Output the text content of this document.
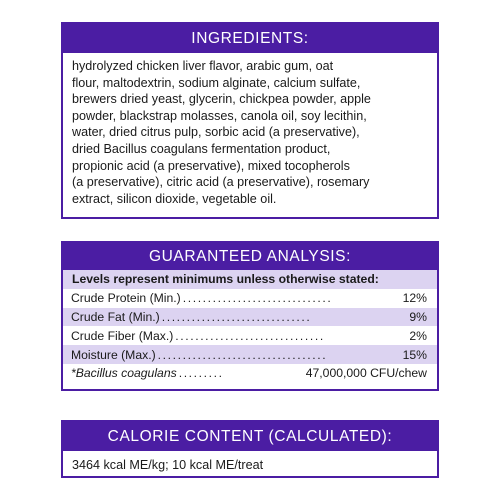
INGREDIENTS:
hydrolyzed chicken liver flavor, arabic gum, oat
flour, maltodextrin, sodium alginate, calcium sulfate,
brewers dried yeast, glycerin, chickpea powder, apple
powder, blackstrap molasses, canola oil, soy lecithin,
water, dried citrus pulp, sorbic acid (a preservative),
dried Bacillus coagulans fermentation product,
propionic acid (a preservative), mixed tocopherols
(a preservative), citric acid (a preservative), rosemary
extract, silicon dioxide, vegetable oil.
GUARANTEED ANALYSIS:
Levels represent minimums unless otherwise stated:
Crude Protein (Min.) ..............................	12%
Crude Fat (Min.) ..............................	9%
Crude Fiber (Max.) ..............................	2%
Moisture (Max.) ..................................	15%
*Bacillus coagulans .........	47,000,000 CFU/chew
CALORIE CONTENT (CALCULATED):
3464 kcal ME/kg; 10 kcal ME/treat
